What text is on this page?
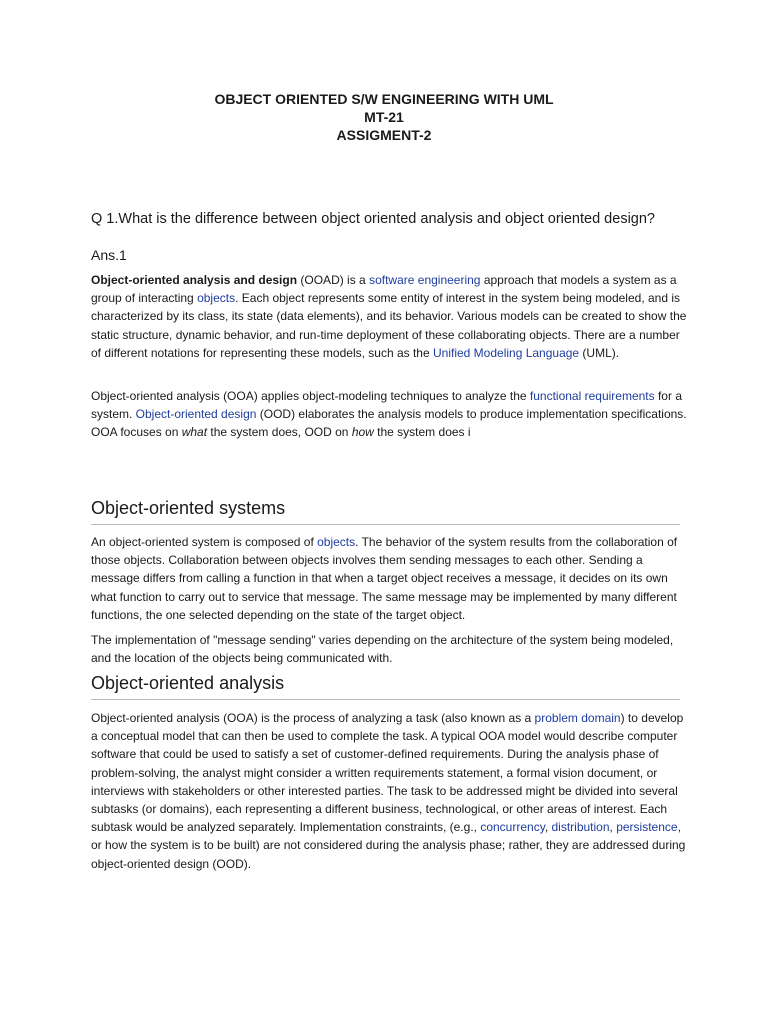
OBJECT ORIENTED S/W ENGINEERING WITH UML
MT-21
ASSIGMENT-2
Q 1.What is the difference between object oriented analysis and object oriented design?
Ans.1

Object-oriented analysis and design (OOAD) is a software engineering approach that models a system as a group of interacting objects. Each object represents some entity of interest in the system being modeled, and is characterized by its class, its state (data elements), and its behavior. Various models can be created to show the static structure, dynamic behavior, and run-time deployment of these collaborating objects. There are a number of different notations for representing these models, such as the Unified Modeling Language (UML).

Object-oriented analysis (OOA) applies object-modeling techniques to analyze the functional requirements for a system. Object-oriented design (OOD) elaborates the analysis models to produce implementation specifications. OOA focuses on what the system does, OOD on how the system does i

Object-oriented systems

An object-oriented system is composed of objects. The behavior of the system results from the collaboration of those objects. Collaboration between objects involves them sending messages to each other. Sending a message differs from calling a function in that when a target object receives a message, it decides on its own what function to carry out to service that message. The same message may be implemented by many different functions, the one selected depending on the state of the target object.

The implementation of "message sending" varies depending on the architecture of the system being modeled, and the location of the objects being communicated with.

Object-oriented analysis

Object-oriented analysis (OOA) is the process of analyzing a task (also known as a problem domain) to develop a conceptual model that can then be used to complete the task. A typical OOA model would describe computer software that could be used to satisfy a set of customer-defined requirements. During the analysis phase of problem-solving, the analyst might consider a written requirements statement, a formal vision document, or interviews with stakeholders or other interested parties. The task to be addressed might be divided into several subtasks (or domains), each representing a different business, technological, or other areas of interest. Each subtask would be analyzed separately. Implementation constraints, (e.g., concurrency, distribution, persistence, or how the system is to be built) are not considered during the analysis phase; rather, they are addressed during object-oriented design (OOD).
